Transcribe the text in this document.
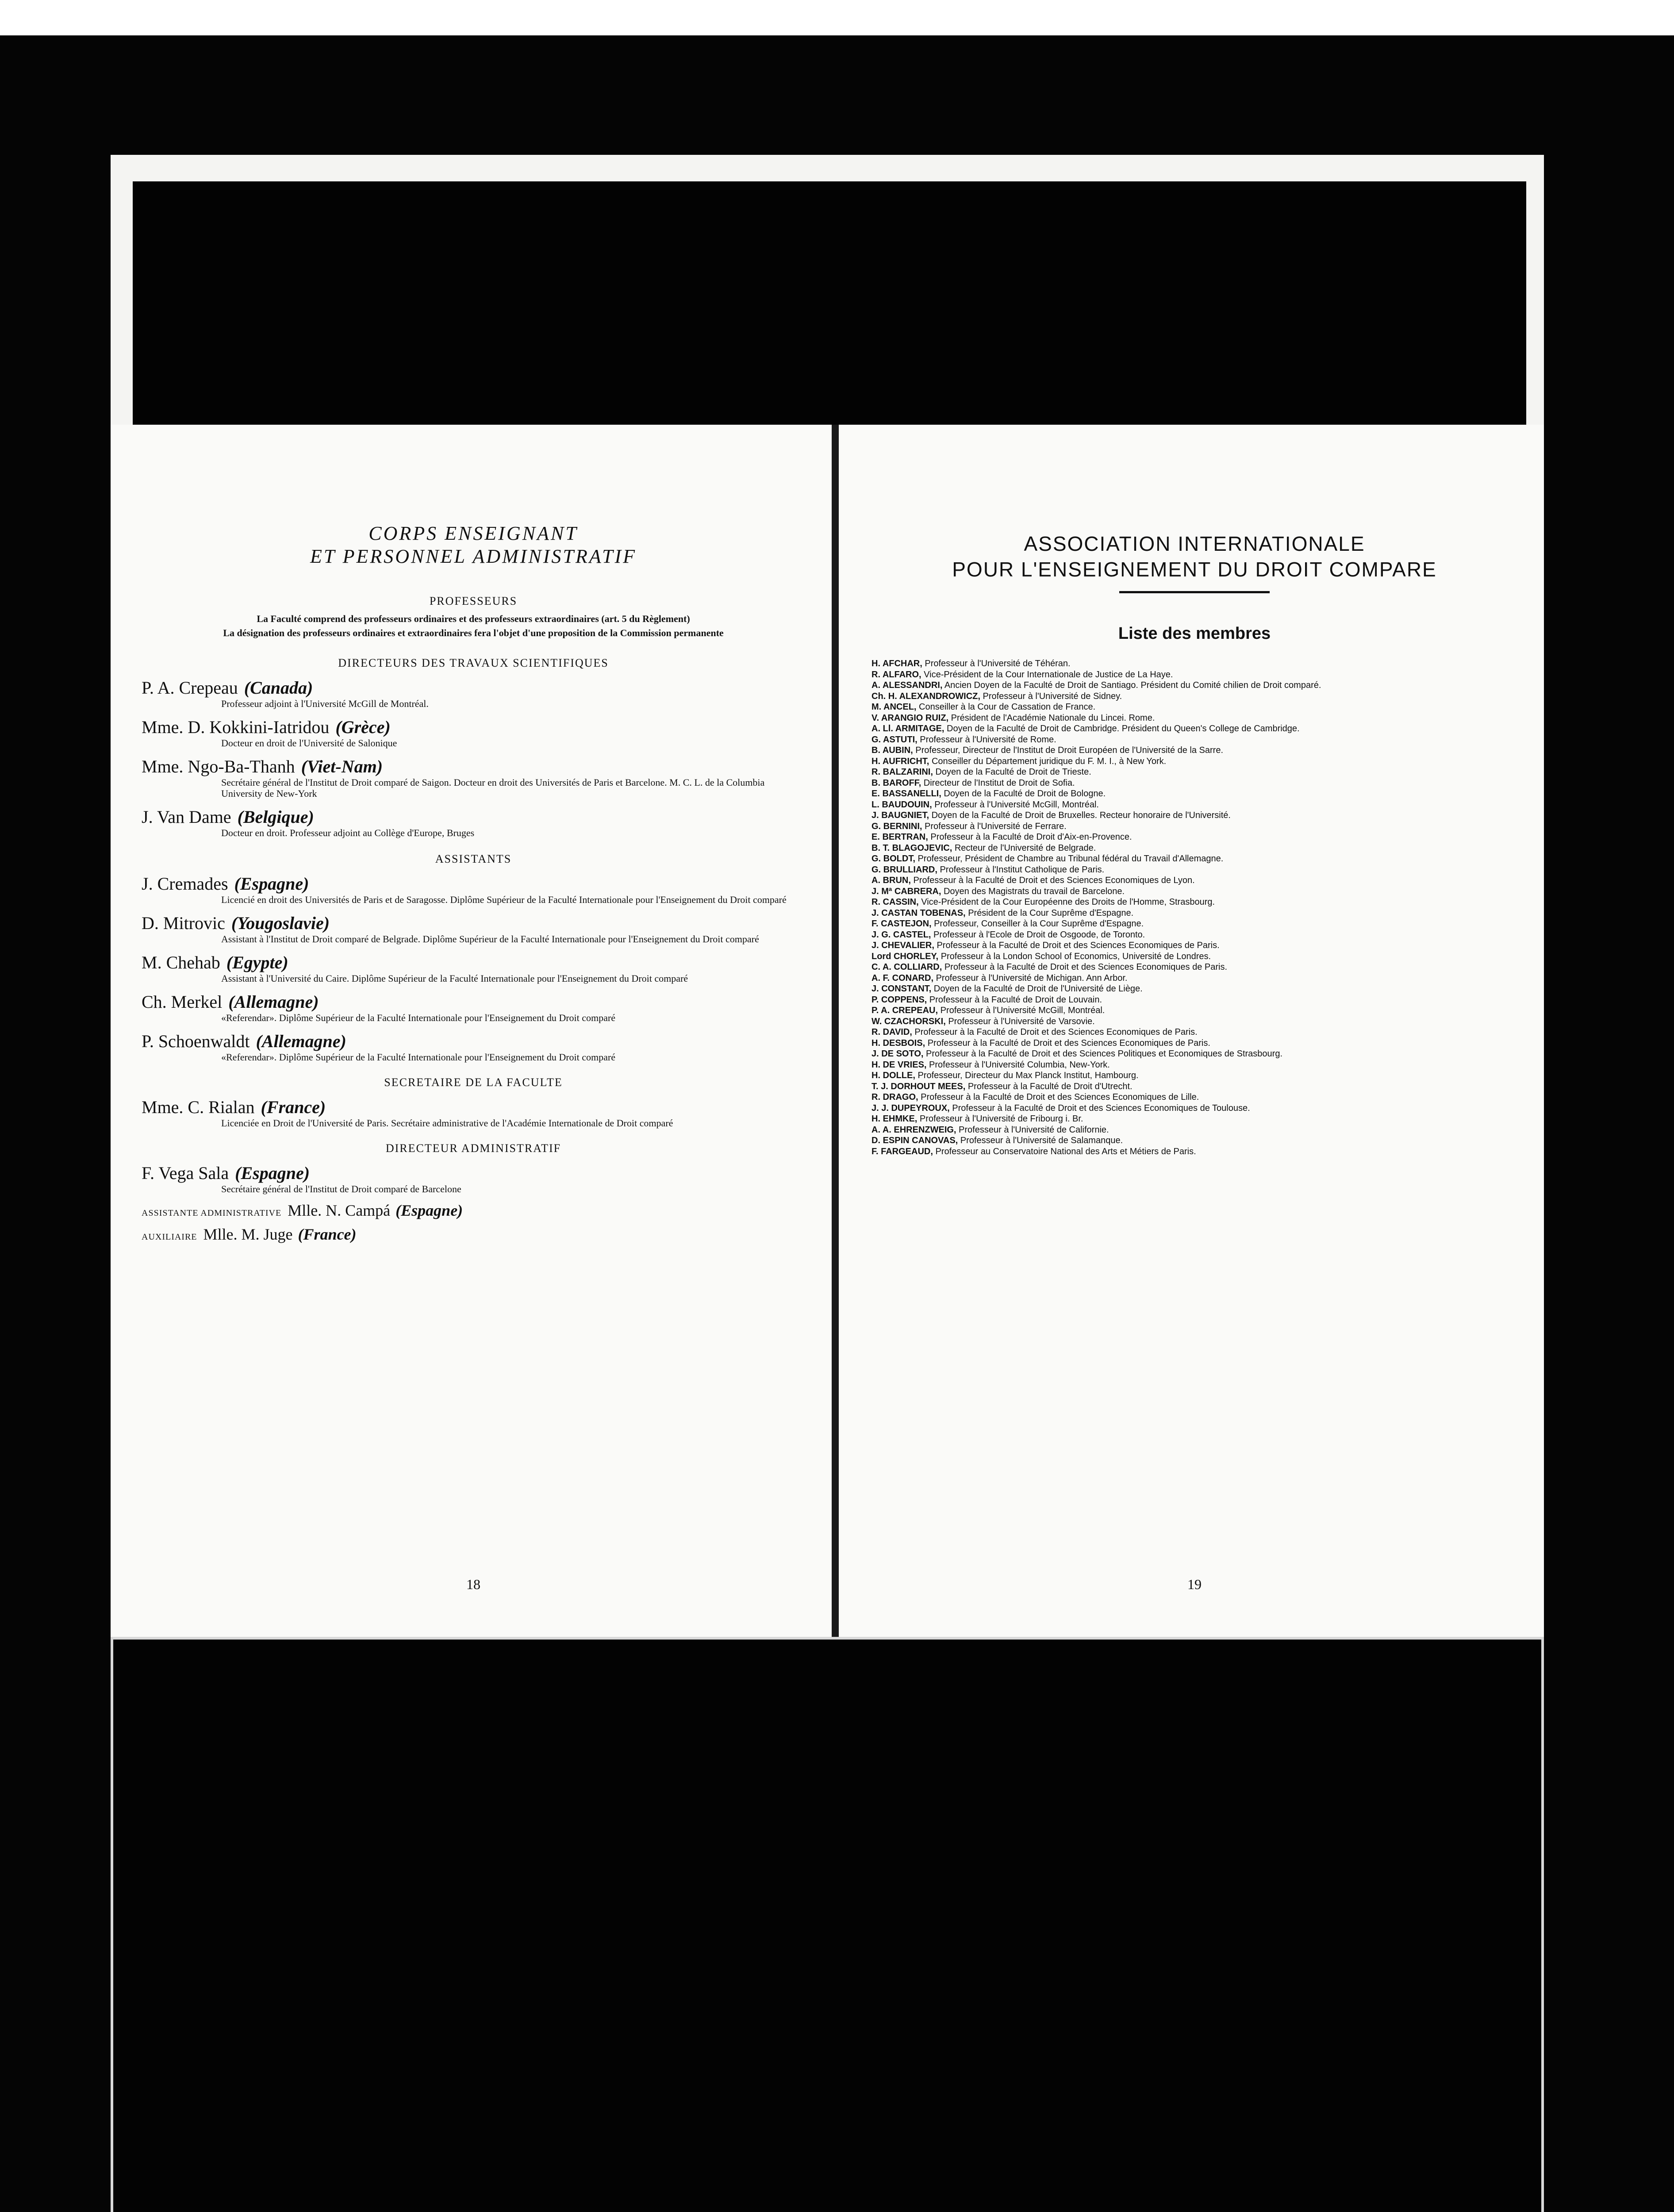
CORPS ENSEIGNANT

ET PERSONNEL ADMINISTRATIF

PROFESSEURS
La Faculté comprend des professeurs ordinaires et des professeurs extraordinaires (art. 5 du Règlement)
La désignation des professeurs ordinaires et extraordinaires fera l'objet d'une proposition de la Commission permanente
DIRECTEURS DES TRAVAUX SCIENTIFIQUES
P. A. Crepeau (Canada)
Professeur adjoint à l'Université McGill de Montréal.
Mme. D. Kokkini-Iatridou (Grèce)
Docteur en droit de l'Université de Salonique
Mme. Ngo-Ba-Thanh (Viet-Nam)
Secrétaire général de l'Institut de Droit comparé de Saigon. Docteur en droit des Universités de Paris et Barcelone. M. C. L. de la Columbia University de New-York
J. Van Dame (Belgique)
Docteur en droit. Professeur adjoint au Collège d'Europe, Bruges
ASSISTANTS
J. Cremades (Espagne)
Licencié en droit des Universités de Paris et de Saragosse. Diplôme Supérieur de la Faculté Internationale pour l'Enseignement du Droit comparé
D. Mitrovic (Yougoslavie)
Assistant à l'Institut de Droit comparé de Belgrade. Diplôme Supérieur de la Faculté Internationale pour l'Enseignement du Droit comparé
M. Chehab (Egypte)
Assistant à l'Université du Caire. Diplôme Supérieur de la Faculté Internationale pour l'Enseignement du Droit comparé
Ch. Merkel (Allemagne)
«Referendar». Diplôme Supérieur de la Faculté Internationale pour l'Enseignement du Droit comparé
P. Schoenwaldt (Allemagne)
«Referendar». Diplôme Supérieur de la Faculté Internationale pour l'Enseignement du Droit comparé
SECRETAIRE DE LA FACULTE
Mme. C. Rialan (France)
Licenciée en Droit de l'Université de Paris. Secrétaire administrative de l'Académie Internationale de Droit comparé
DIRECTEUR ADMINISTRATIF
F. Vega Sala (Espagne)
Secrétaire général de l'Institut de Droit comparé de Barcelone
ASSISTANTE ADMINISTRATIVE Mlle. N. Campá (Espagne)
AUXILIAIRE Mlle. M. Juge (France)
18

ASSOCIATION INTERNATIONALE

POUR L'ENSEIGNEMENT DU DROIT COMPARE

Liste des membres
H. AFCHAR, Professeur à l'Université de Téhéran.
R. ALFARO, Vice-Président de la Cour Internationale de Justice de La Haye.
A. ALESSANDRI, Ancien Doyen de la Faculté de Droit de Santiago. Président du Comité chilien de Droit comparé.
Ch. H. ALEXANDROWICZ, Professeur à l'Université de Sidney.
M. ANCEL, Conseiller à la Cour de Cassation de France.
V. ARANGIO RUIZ, Président de l'Académie Nationale du Lincei. Rome.
A. Ll. ARMITAGE, Doyen de la Faculté de Droit de Cambridge. Président du Queen's College de Cambridge.
G. ASTUTI, Professeur à l'Université de Rome.
B. AUBIN, Professeur, Directeur de l'Institut de Droit Européen de l'Université de la Sarre.
H. AUFRICHT, Conseiller du Département juridique du F. M. I., à New York.
R. BALZARINI, Doyen de la Faculté de Droit de Trieste.
B. BAROFF, Directeur de l'Institut de Droit de Sofia.
E. BASSANELLI, Doyen de la Faculté de Droit de Bologne.
L. BAUDOUIN, Professeur à l'Université McGill, Montréal.
J. BAUGNIET, Doyen de la Faculté de Droit de Bruxelles. Recteur honoraire de l'Université.
G. BERNINI, Professeur à l'Université de Ferrare.
E. BERTRAN, Professeur à la Faculté de Droit d'Aix-en-Provence.
B. T. BLAGOJEVIC, Recteur de l'Université de Belgrade.
G. BOLDT, Professeur, Président de Chambre au Tribunal fédéral du Travail d'Allemagne.
G. BRULLIARD, Professeur à l'Institut Catholique de Paris.
A. BRUN, Professeur à la Faculté de Droit et des Sciences Economiques de Lyon.
J. Mª CABRERA, Doyen des Magistrats du travail de Barcelone.
R. CASSIN, Vice-Président de la Cour Européenne des Droits de l'Homme, Strasbourg.
J. CASTAN TOBENAS, Président de la Cour Suprême d'Espagne.
F. CASTEJON, Professeur, Conseiller à la Cour Suprême d'Espagne.
J. G. CASTEL, Professeur à l'Ecole de Droit de Osgoode, de Toronto.
J. CHEVALIER, Professeur à la Faculté de Droit et des Sciences Economiques de Paris.
Lord CHORLEY, Professeur à la London School of Economics, Université de Londres.
C. A. COLLIARD, Professeur à la Faculté de Droit et des Sciences Economiques de Paris.
A. F. CONARD, Professeur à l'Université de Michigan. Ann Arbor.
J. CONSTANT, Doyen de la Faculté de Droit de l'Université de Liège.
P. COPPENS, Professeur à la Faculté de Droit de Louvain.
P. A. CREPEAU, Professeur à l'Université McGill, Montréal.
W. CZACHORSKI, Professeur à l'Université de Varsovie.
R. DAVID, Professeur à la Faculté de Droit et des Sciences Economiques de Paris.
H. DESBOIS, Professeur à la Faculté de Droit et des Sciences Economiques de Paris.
J. DE SOTO, Professeur à la Faculté de Droit et des Sciences Politiques et Economiques de Strasbourg.
H. DE VRIES, Professeur à l'Université Columbia, New-York.
H. DOLLE, Professeur, Directeur du Max Planck Institut, Hambourg.
T. J. DORHOUT MEES, Professeur à la Faculté de Droit d'Utrecht.
R. DRAGO, Professeur à la Faculté de Droit et des Sciences Economiques de Lille.
J. J. DUPEYROUX, Professeur à la Faculté de Droit et des Sciences Economiques de Toulouse.
H. EHMKE, Professeur à l'Université de Fribourg i. Br.
A. A. EHRENZWEIG, Professeur à l'Université de Californie.
D. ESPIN CANOVAS, Professeur à l'Université de Salamanque.
F. FARGEAUD, Professeur au Conservatoire National des Arts et Métiers de Paris.
19
